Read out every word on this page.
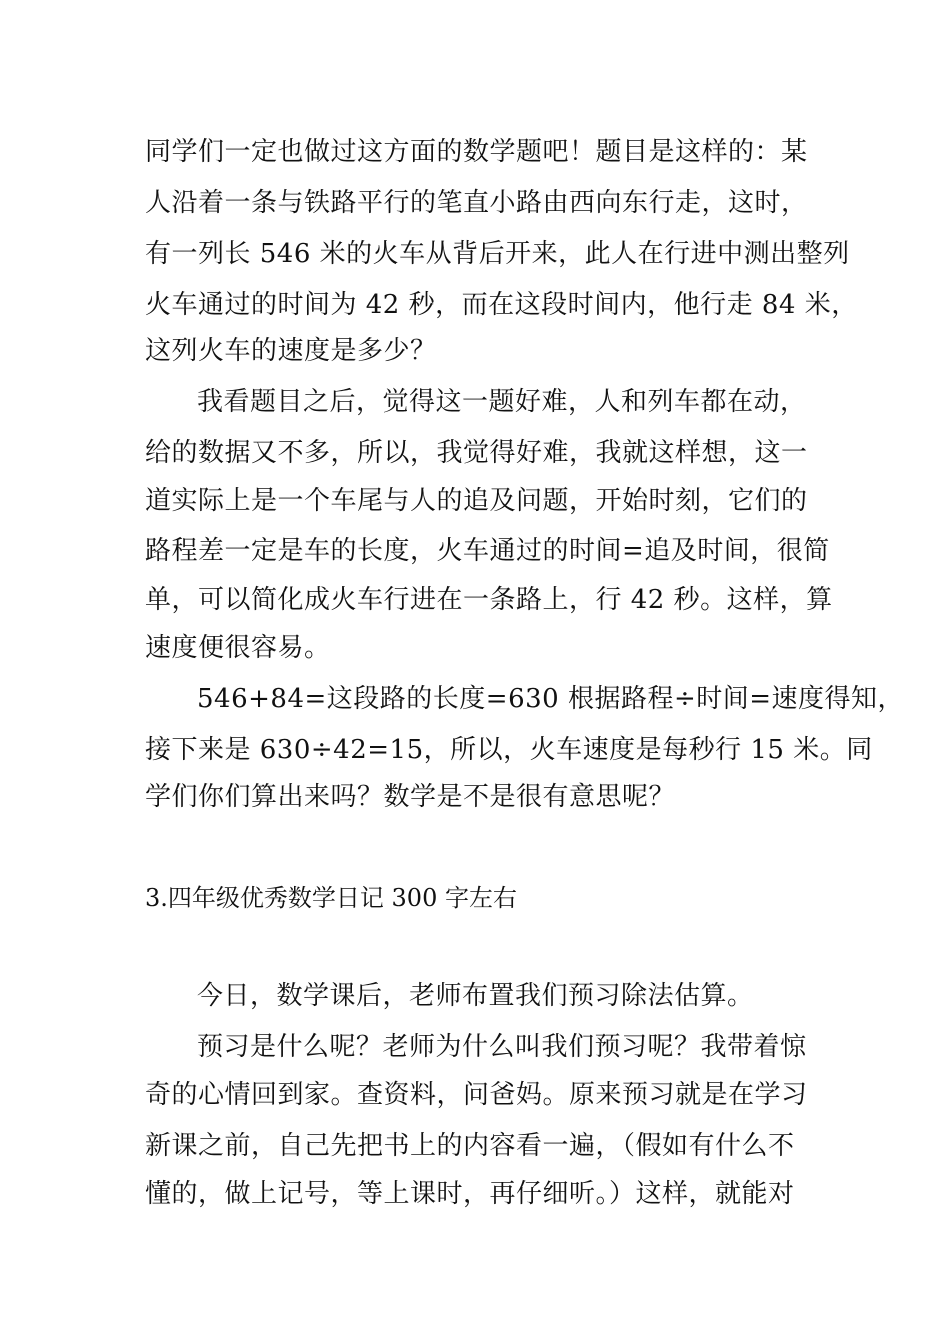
同学们一定也做过这方面的数学题吧！题目是这样的：某
人沿着一条与铁路平行的笔直小路由西向东行走，这时，
有一列长 546 米的火车从背后开来，此人在行进中测出整列
火车通过的时间为 42 秒，而在这段时间内，他行走 84 米，
这列火车的速度是多少？
我看题目之后，觉得这一题好难，人和列车都在动，
给的数据又不多，所以，我觉得好难，我就这样想，这一
道实际上是一个车尾与人的追及问题，开始时刻，它们的
路程差一定是车的长度，火车通过的时间=追及时间，很简
单，可以简化成火车行进在一条路上，行 42 秒。这样，算
速度便很容易。
546+84=这段路的长度=630 根据路程÷时间=速度得知，
接下来是 630÷42=15，所以，火车速度是每秒行 15 米。同
学们你们算出来吗？数学是不是很有意思呢？
3.四年级优秀数学日记 300 字左右
今日，数学课后，老师布置我们预习除法估算。
预习是什么呢？老师为什么叫我们预习呢？我带着惊
奇的心情回到家。查资料，问爸妈。原来预习就是在学习
新课之前，自己先把书上的内容看一遍，（假如有什么不
懂的，做上记号，等上课时，再仔细听。）这样，就能对
